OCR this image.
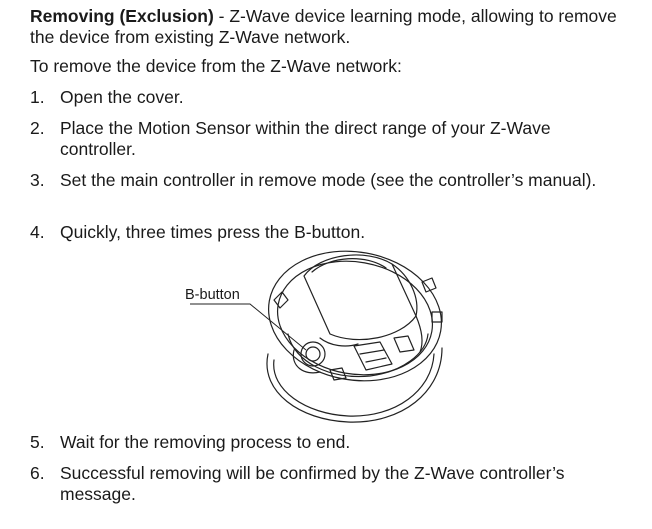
Removing (Exclusion) - Z-Wave device learning mode, allowing to remove the device from existing Z-Wave network.

To remove the device from the Z-Wave network:

1. Open the cover.
2. Place the Motion Sensor within the direct range of your Z-Wave controller.
3. Set the main controller in remove mode (see the controller’s manual).
4. Quickly, three times press the B-button.
B-button
5. Wait for the removing process to end.
6. Successful removing will be confirmed by the Z-Wave controller’s message.
